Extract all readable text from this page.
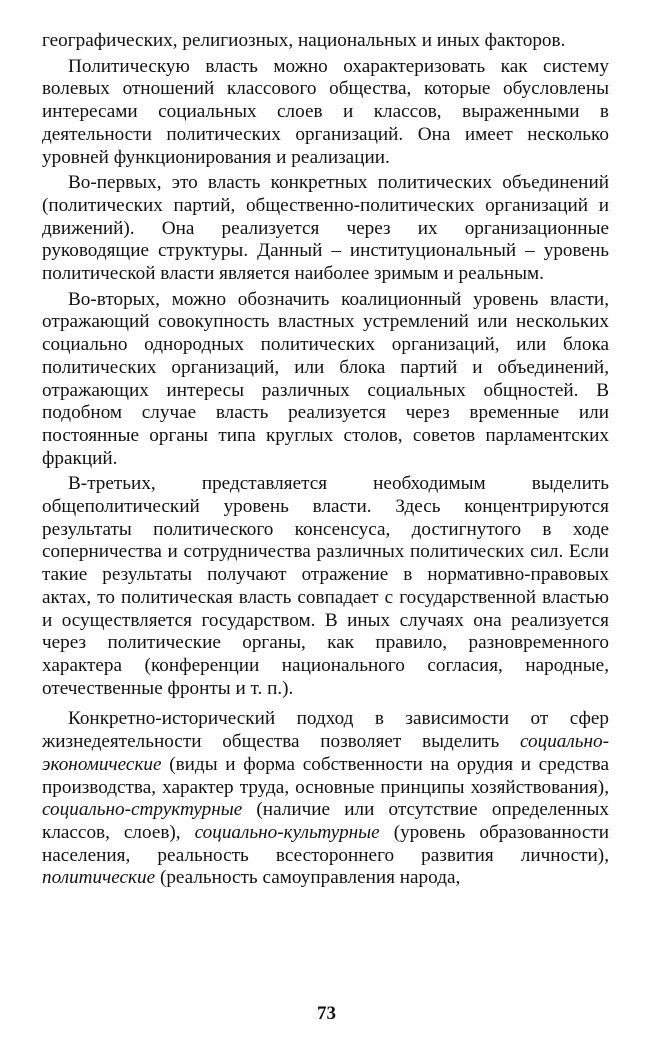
географических, религиозных, национальных и иных факторов.

Политическую власть можно охарактеризовать как систему волевых отношений классового общества, которые обусловлены интересами социальных слоев и классов, выраженными в деятельности политических организаций. Она имеет несколько уровней функционирования и реализации.

Во-первых, это власть конкретных политических объединений (политических партий, общественно-политических организаций и движений). Она реализуется через их организационные руководящие структуры. Данный – институциональный – уровень политической власти является наиболее зримым и реальным.

Во-вторых, можно обозначить коалиционный уровень власти, отражающий совокупность властных устремлений или нескольких социально однородных политических организаций, или блока политических организаций, или блока партий и объединений, отражающих интересы различных социальных общностей. В подобном случае власть реализуется через временные или постоянные органы типа круглых столов, советов парламентских фракций.

В-третьих, представляется необходимым выделить общеполитический уровень власти. Здесь концентрируются результаты политического консенсуса, достигнутого в ходе соперничества и сотрудничества различных политических сил. Если такие результаты получают отражение в нормативно-правовых актах, то политическая власть совпадает с государственной властью и осуществляется государством. В иных случаях она реализуется через политические органы, как правило, разновременного характера (конференции национального согласия, народные, отечественные фронты и т. п.).

Конкретно-исторический подход в зависимости от сфер жизнедеятельности общества позволяет выделить социально-экономические (виды и форма собственности на орудия и средства производства, характер труда, основные принципы хозяйствования), социально-структурные (наличие или отсутствие определенных классов, слоев), социально-культурные (уровень образованности населения, реальность всестороннего развития личности), политические (реальность самоуправления народа,

73
